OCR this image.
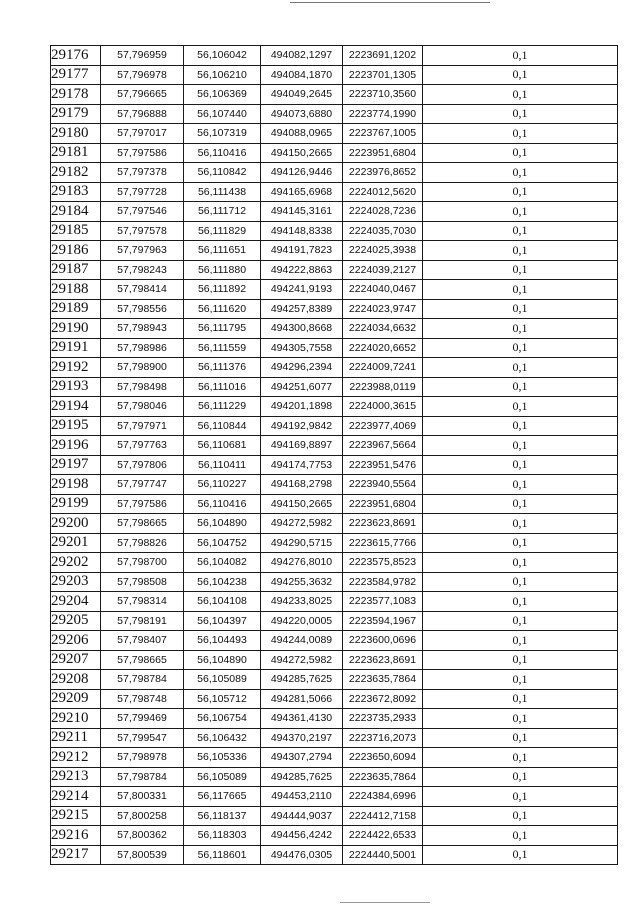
29176	57,796959	56,106042	494082,1297	2223691,1202	0,1
29177	57,796978	56,106210	494084,1870	2223701,1305	0,1
29178	57,796665	56,106369	494049,2645	2223710,3560	0,1
29179	57,796888	56,107440	494073,6880	2223774,1990	0,1
29180	57,797017	56,107319	494088,0965	2223767,1005	0,1
29181	57,797586	56,110416	494150,2665	2223951,6804	0,1
29182	57,797378	56,110842	494126,9446	2223976,8652	0,1
29183	57,797728	56,111438	494165,6968	2224012,5620	0,1
29184	57,797546	56,111712	494145,3161	2224028,7236	0,1
29185	57,797578	56,111829	494148,8338	2224035,7030	0,1
29186	57,797963	56,111651	494191,7823	2224025,3938	0,1
29187	57,798243	56,111880	494222,8863	2224039,2127	0,1
29188	57,798414	56,111892	494241,9193	2224040,0467	0,1
29189	57,798556	56,111620	494257,8389	2224023,9747	0,1
29190	57,798943	56,111795	494300,8668	2224034,6632	0,1
29191	57,798986	56,111559	494305,7558	2224020,6652	0,1
29192	57,798900	56,111376	494296,2394	2224009,7241	0,1
29193	57,798498	56,111016	494251,6077	2223988,0119	0,1
29194	57,798046	56,111229	494201,1898	2224000,3615	0,1
29195	57,797971	56,110844	494192,9842	2223977,4069	0,1
29196	57,797763	56,110681	494169,8897	2223967,5664	0,1
29197	57,797806	56,110411	494174,7753	2223951,5476	0,1
29198	57,797747	56,110227	494168,2798	2223940,5564	0,1
29199	57,797586	56,110416	494150,2665	2223951,6804	0,1
29200	57,798665	56,104890	494272,5982	2223623,8691	0,1
29201	57,798826	56,104752	494290,5715	2223615,7766	0,1
29202	57,798700	56,104082	494276,8010	2223575,8523	0,1
29203	57,798508	56,104238	494255,3632	2223584,9782	0,1
29204	57,798314	56,104108	494233,8025	2223577,1083	0,1
29205	57,798191	56,104397	494220,0005	2223594,1967	0,1
29206	57,798407	56,104493	494244,0089	2223600,0696	0,1
29207	57,798665	56,104890	494272,5982	2223623,8691	0,1
29208	57,798784	56,105089	494285,7625	2223635,7864	0,1
29209	57,798748	56,105712	494281,5066	2223672,8092	0,1
29210	57,799469	56,106754	494361,4130	2223735,2933	0,1
29211	57,799547	56,106432	494370,2197	2223716,2073	0,1
29212	57,798978	56,105336	494307,2794	2223650,6094	0,1
29213	57,798784	56,105089	494285,7625	2223635,7864	0,1
29214	57,800331	56,117665	494453,2110	2224384,6996	0,1
29215	57,800258	56,118137	494444,9037	2224412,7158	0,1
29216	57,800362	56,118303	494456,4242	2224422,6533	0,1
29217	57,800539	56,118601	494476,0305	2224440,5001	0,1
